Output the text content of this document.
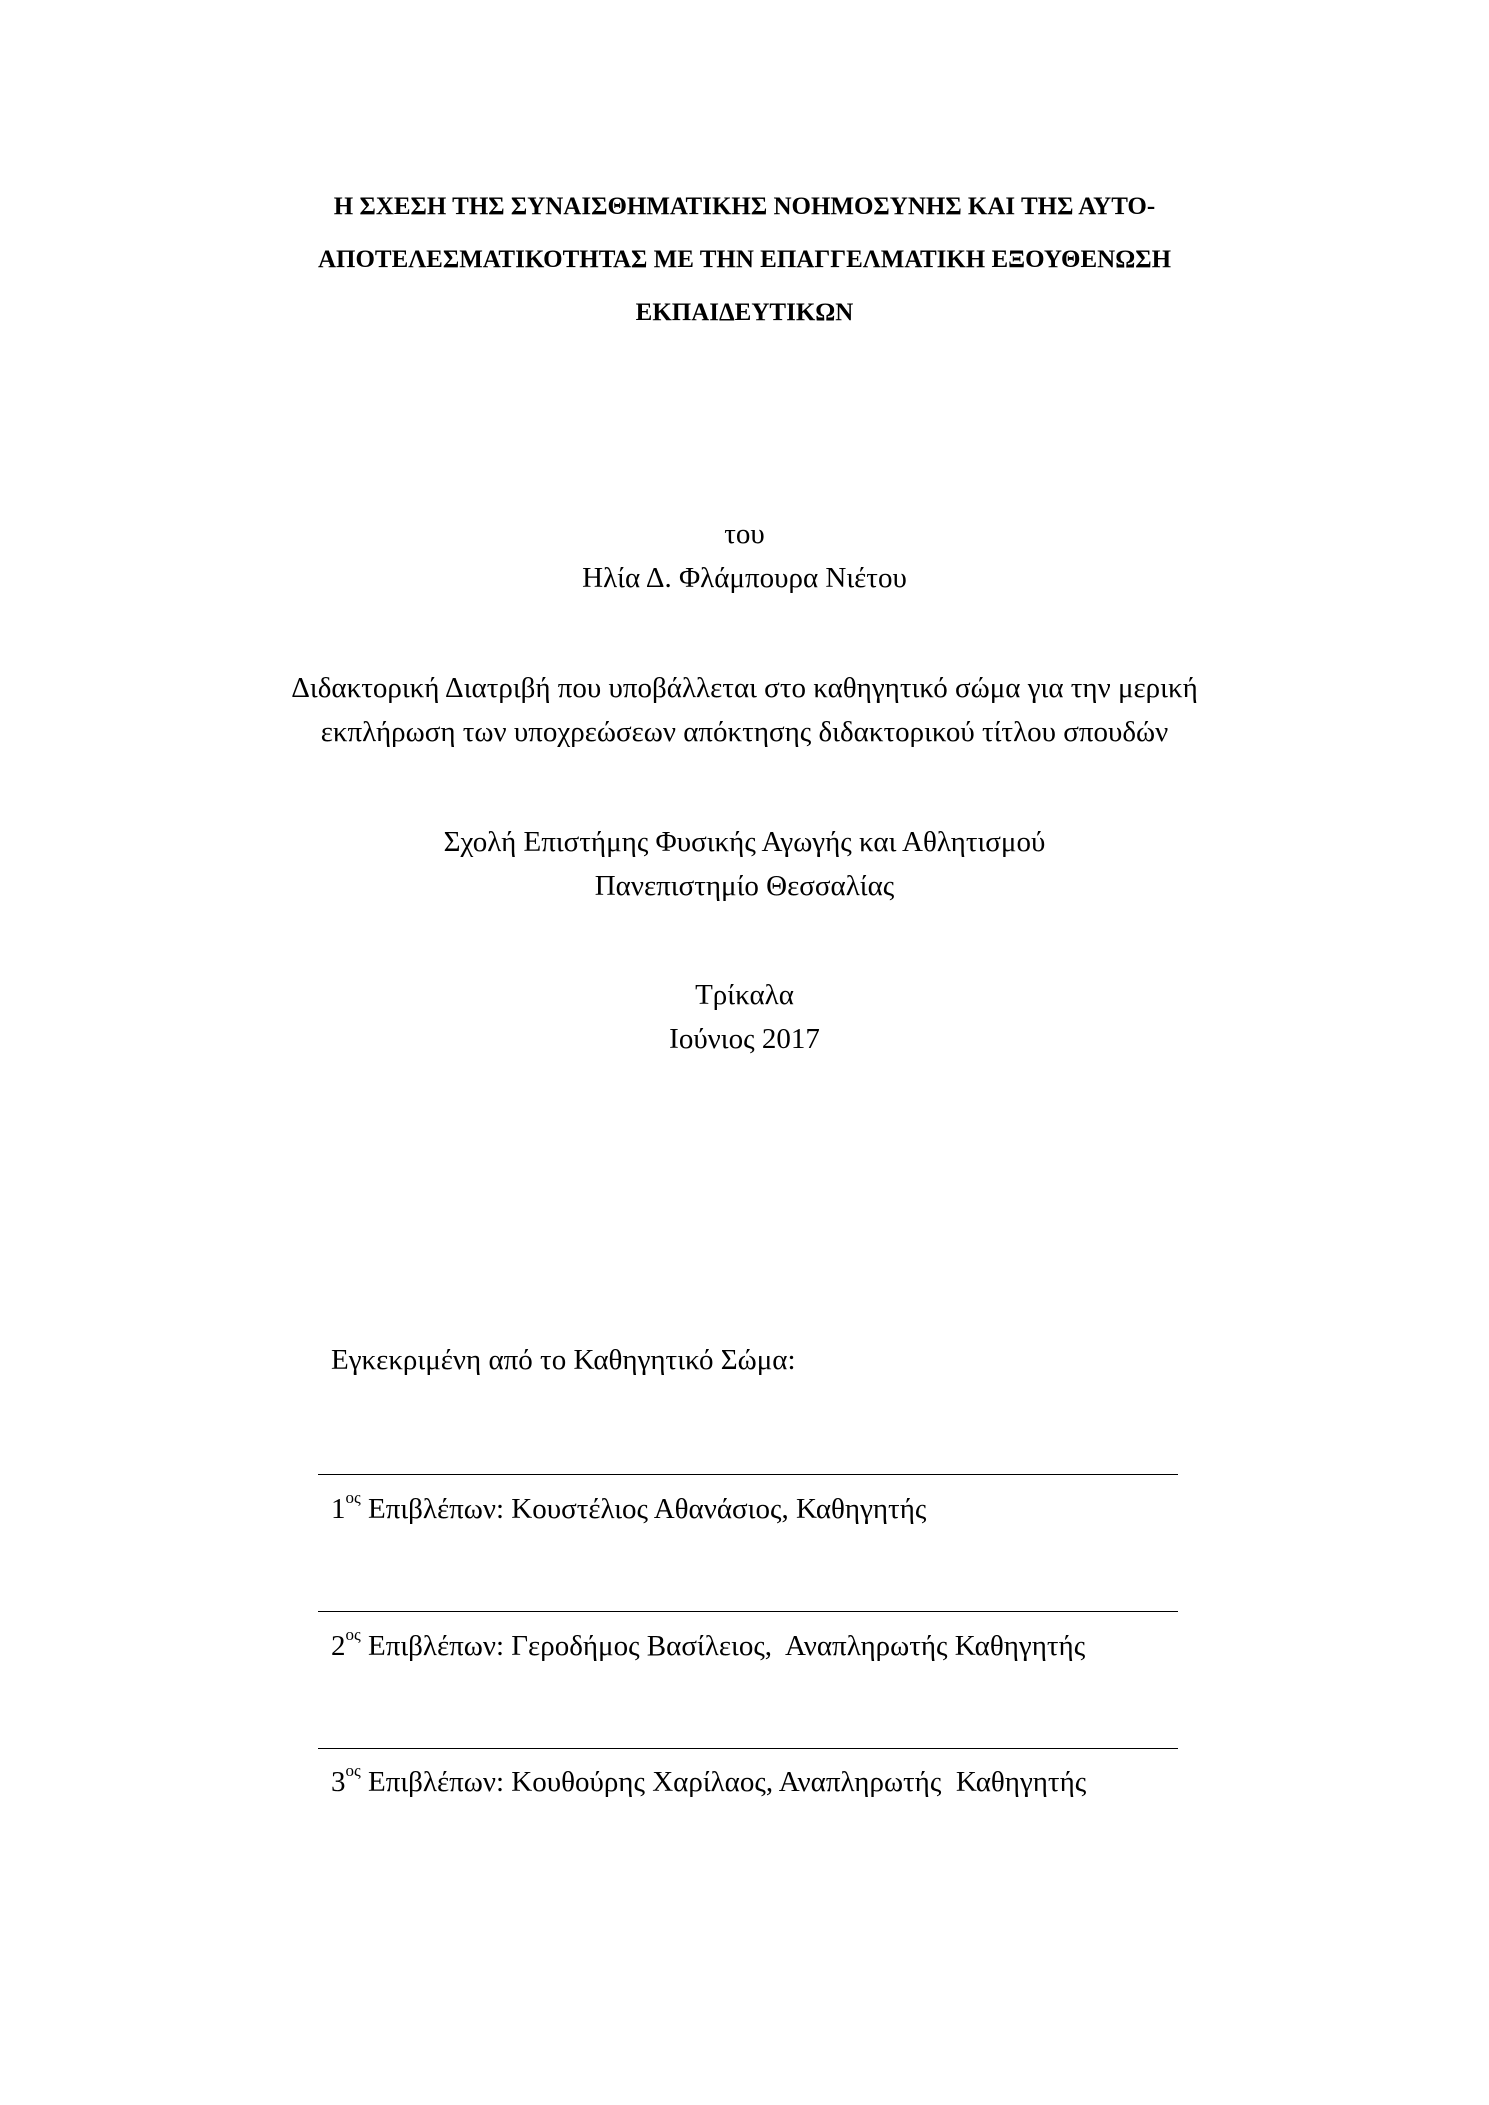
Η ΣΧΕΣΗ ΤΗΣ ΣΥΝΑΙΣΘΗΜΑΤΙΚΗΣ ΝΟΗΜΟΣΥΝΗΣ ΚΑΙ ΤΗΣ ΑΥΤΟ-
ΑΠΟΤΕΛΕΣΜΑΤΙΚΟΤΗΤΑΣ ΜΕ ΤΗΝ ΕΠΑΓΓΕΛΜΑΤΙΚΗ ΕΞΟΥΘΕΝΩΣΗ
ΕΚΠΑΙΔΕΥΤΙΚΩΝ
του
Ηλία Δ. Φλάμπουρα Νιέτου
Διδακτορική Διατριβή που υποβάλλεται στο καθηγητικό σώμα για την μερική
εκπλήρωση των υποχρεώσεων απόκτησης διδακτορικού τίτλου σπουδών
Σχολή Επιστήμης Φυσικής Αγωγής και Αθλητισμού
Πανεπιστημίο Θεσσαλίας
Τρίκαλα
Ιούνιος 2017
Εγκεκριμένη από το Καθηγητικό Σώμα:
$1^{o\varsigma}$ Επιβλέπων: Κουστέλιος Αθανάσιος, Καθηγητής
$2^{o\varsigma}$ Επιβλέπων: Γεροδήμος Βασίλειος,  Αναπληρωτής Καθηγητής
$3^{o\varsigma}$ Επιβλέπων: Κουθούρης Χαρίλαος, Αναπληρωτής  Καθηγητής
